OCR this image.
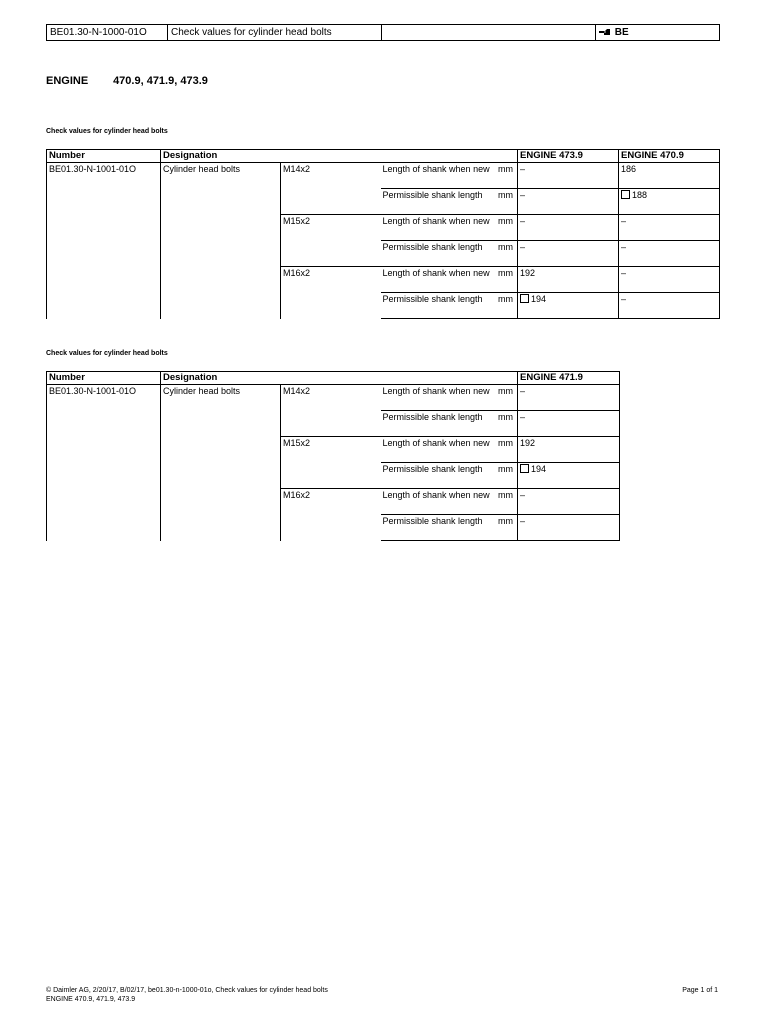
BE01.30-N-1000-01O	Check values for cylinder head bolts		BE
ENGINE 470.9, 471.9, 473.9
Check values for cylinder head bolts
Number	Designation			ENGINE 473.9	ENGINE 470.9
BE01.30-N-1001-01O	Cylinder head bolts	M14x2	Length of shank when new mm	–	186

			Permissible shank length mm	–	188
		M15x2	Length of shank when new mm	–	–

			Permissible shank length mm	–	–
		M16x2	Length of shank when new mm	192	–

			Permissible shank length mm	194	–
Check values for cylinder head bolts
Number	Designation			ENGINE 471.9
BE01.30-N-1001-01O	Cylinder head bolts	M14x2	Length of shank when new mm	–

			Permissible shank length mm	–
		M15x2	Length of shank when new mm	192

			Permissible shank length mm	194
		M16x2	Length of shank when new mm	–

			Permissible shank length mm	–
© Daimler AG, 2/20/17, B/02/17, be01.30-n-1000-01o, Check values for cylinder head bolts
ENGINE 470.9, 471.9, 473.9
Page 1 of 1
